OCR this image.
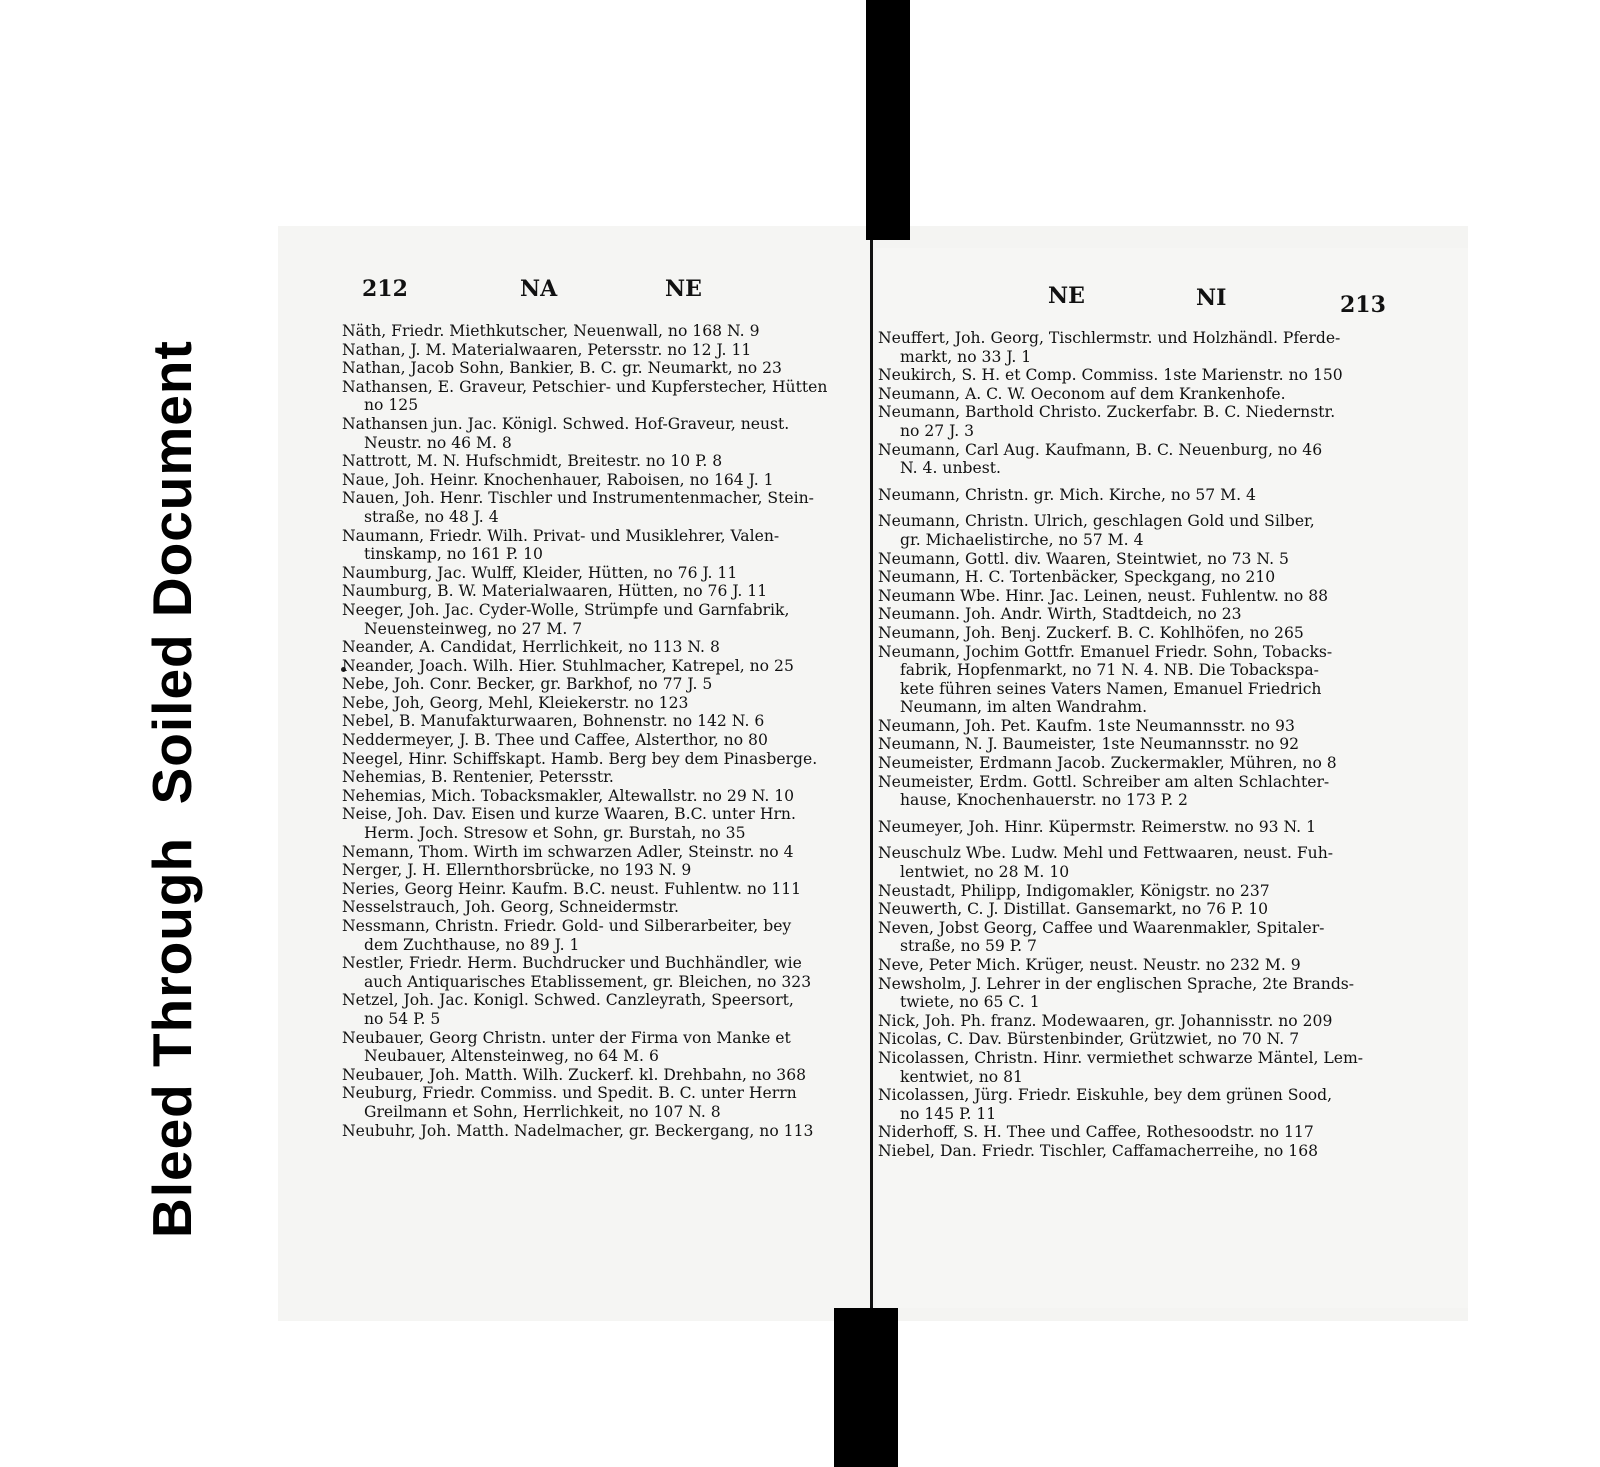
Bleed Through  Soiled Document
212	NA	NE	NE	NI	213
Näth, Friedr. Miethkutscher, Neuenwall, no 168 N. 9
Nathan, J. M. Materialwaaren, Petersstr. no 12 J. 11
Nathan, Jacob Sohn, Bankier, B. C. gr. Neumarkt, no 23
Nathansen, E. Graveur, Petschier- und Kupferstecher, Hütten
no 125
Nathansen jun. Jac. Königl. Schwed. Hof-Graveur, neust.
Neustr. no 46 M. 8
Nattrott, M. N. Hufschmidt, Breitestr. no 10 P. 8
Naue, Joh. Heinr. Knochenhauer, Raboisen, no 164 J. 1
Nauen, Joh. Henr. Tischler und Instrumentenmacher, Stein-
straße, no 48 J. 4
Naumann, Friedr. Wilh. Privat- und Musiklehrer, Valen-
tinskamp, no 161 P. 10
Naumburg, Jac. Wulff, Kleider, Hütten, no 76 J. 11
Naumburg, B. W. Materialwaaren, Hütten, no 76 J. 11
Neeger, Joh. Jac. Cyder-Wolle, Strümpfe und Garnfabrik,
Neuensteinweg, no 27 M. 7
Neander, A. Candidat, Herrlichkeit, no 113 N. 8
Neander, Joach. Wilh. Hier. Stuhlmacher, Katrepel, no 25
Nebe, Joh. Conr. Becker, gr. Barkhof, no 77 J. 5
Nebe, Joh, Georg, Mehl, Kleiekerstr. no 123
Nebel, B. Manufakturwaaren, Bohnenstr. no 142 N. 6
Neddermeyer, J. B. Thee und Caffee, Alsterthor, no 80
Neegel, Hinr. Schiffskapt. Hamb. Berg bey dem Pinasberge.
Nehemias, B. Rentenier, Petersstr.
Nehemias, Mich. Tobacksmakler, Altewallstr. no 29 N. 10
Neise, Joh. Dav. Eisen und kurze Waaren, B.C. unter Hrn.
Herm. Joch. Stresow et Sohn, gr. Burstah, no 35
Nemann, Thom. Wirth im schwarzen Adler, Steinstr. no 4
Nerger, J. H. Ellernthorsbrücke, no 193 N. 9
Neries, Georg Heinr. Kaufm. B.C. neust. Fuhlentw. no 111
Nesselstrauch, Joh. Georg, Schneidermstr.
Nessmann, Christn. Friedr. Gold- und Silberarbeiter, bey
dem Zuchthause, no 89 J. 1
Nestler, Friedr. Herm. Buchdrucker und Buchhändler, wie
auch Antiquarisches Etablissement, gr. Bleichen, no 323
Netzel, Joh. Jac. Konigl. Schwed. Canzleyrath, Speersort,
no 54 P. 5
Neubauer, Georg Christn. unter der Firma von Manke et
Neubauer, Altensteinweg, no 64 M. 6
Neubauer, Joh. Matth. Wilh. Zuckerf. kl. Drehbahn, no 368
Neuburg, Friedr. Commiss. und Spedit. B. C. unter Herrn
Greilmann et Sohn, Herrlichkeit, no 107 N. 8
Neubuhr, Joh. Matth. Nadelmacher, gr. Beckergang, no 113
Neuffert, Joh. Georg, Tischlermstr. und Holzhändl. Pferde-
markt, no 33 J. 1
Neukirch, S. H. et Comp. Commiss. 1ste Marienstr. no 150
Neumann, A. C. W. Oeconom auf dem Krankenhofe.
Neumann, Barthold Christo. Zuckerfabr. B. C. Niedernstr.
no 27 J. 3
Neumann, Carl Aug. Kaufmann, B. C. Neuenburg, no 46
N. 4. unbest.
Neumann, Christn. gr. Mich. Kirche, no 57 M. 4
Neumann, Christn. Ulrich, geschlagen Gold und Silber,
gr. Michaelistirche, no 57 M. 4
Neumann, Gottl. div. Waaren, Steintwiet, no 73 N. 5
Neumann, H. C. Tortenbäcker, Speckgang, no 210
Neumann Wbe. Hinr. Jac. Leinen, neust. Fuhlentw. no 88
Neumann. Joh. Andr. Wirth, Stadtdeich, no 23
Neumann, Joh. Benj. Zuckerf. B. C. Kohlhöfen, no 265
Neumann, Jochim Gottfr. Emanuel Friedr. Sohn, Tobacks-
fabrik, Hopfenmarkt, no 71 N. 4. NB. Die Tobackspa-
kete führen seines Vaters Namen, Emanuel Friedrich
Neumann, im alten Wandrahm.
Neumann, Joh. Pet. Kaufm. 1ste Neumannsstr. no 93
Neumann, N. J. Baumeister, 1ste Neumannsstr. no 92
Neumeister, Erdmann Jacob. Zuckermakler, Mühren, no 8
Neumeister, Erdm. Gottl. Schreiber am alten Schlachter-
hause, Knochenhauerstr. no 173 P. 2
Neumeyer, Joh. Hinr. Küpermstr. Reimerstw. no 93 N. 1
Neuschulz Wbe. Ludw. Mehl und Fettwaaren, neust. Fuh-
lentwiet, no 28 M. 10
Neustadt, Philipp, Indigomakler, Königstr. no 237
Neuwerth, C. J. Distillat. Gansemarkt, no 76 P. 10
Neven, Jobst Georg, Caffee und Waarenmakler, Spitaler-
straße, no 59 P. 7
Neve, Peter Mich. Krüger, neust. Neustr. no 232 M. 9
Newsholm, J. Lehrer in der englischen Sprache, 2te Brands-
twiete, no 65 C. 1
Nick, Joh. Ph. franz. Modewaaren, gr. Johannisstr. no 209
Nicolas, C. Dav. Bürstenbinder, Grützwiet, no 70 N. 7
Nicolassen, Christn. Hinr. vermiethet schwarze Mäntel, Lem-
kentwiet, no 81
Nicolassen, Jürg. Friedr. Eiskuhle, bey dem grünen Sood,
no 145 P. 11
Niderhoff, S. H. Thee und Caffee, Rothesoodstr. no 117
Niebel, Dan. Friedr. Tischler, Caffamacherreihe, no 168
